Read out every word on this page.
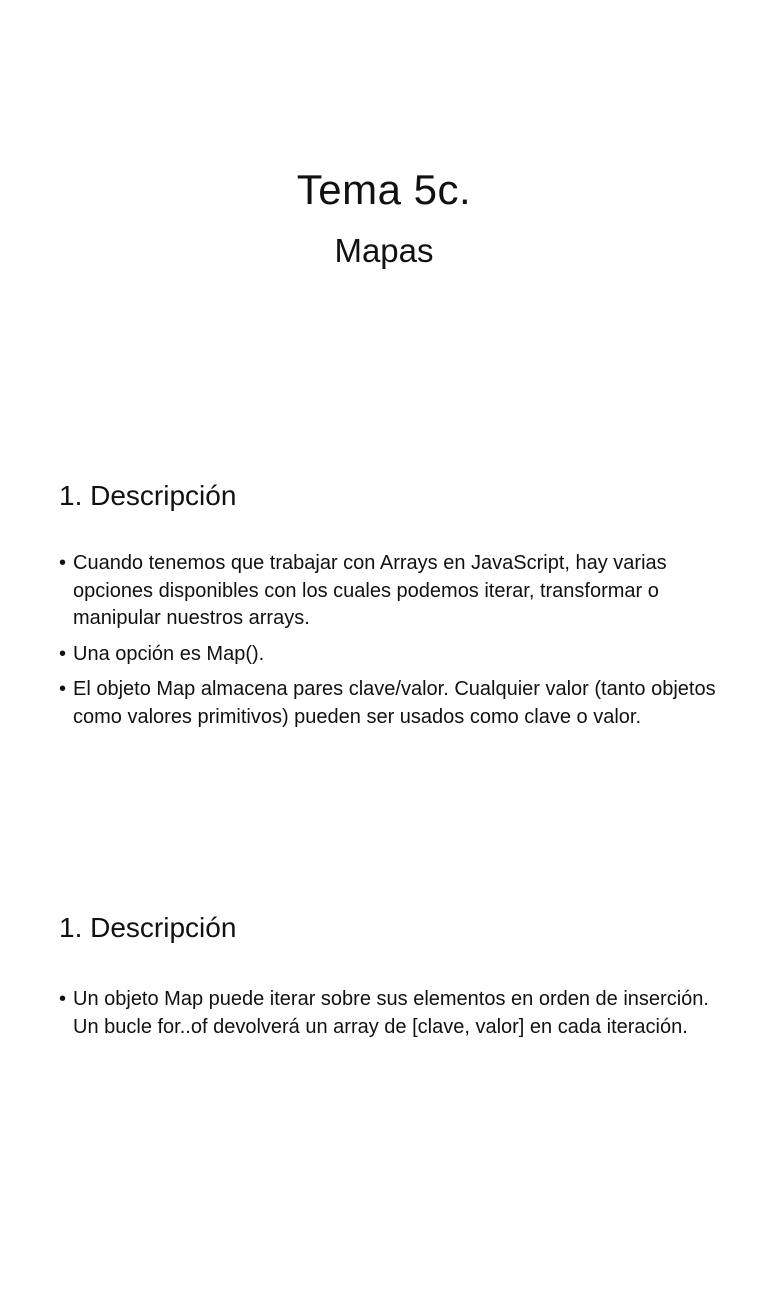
Tema 5c.
Mapas
1. Descripción
• Cuando tenemos que trabajar con Arrays en JavaScript, hay varias opciones disponibles con los cuales podemos iterar, transformar o manipular nuestros arrays.
• Una opción es Map().
• El objeto Map almacena pares clave/valor. Cualquier valor (tanto objetos como valores primitivos) pueden ser usados como clave o valor.
1. Descripción
• Un objeto Map puede iterar sobre sus elementos en orden de inserción. Un bucle for..of devolverá un array de [clave, valor] en cada iteración.
